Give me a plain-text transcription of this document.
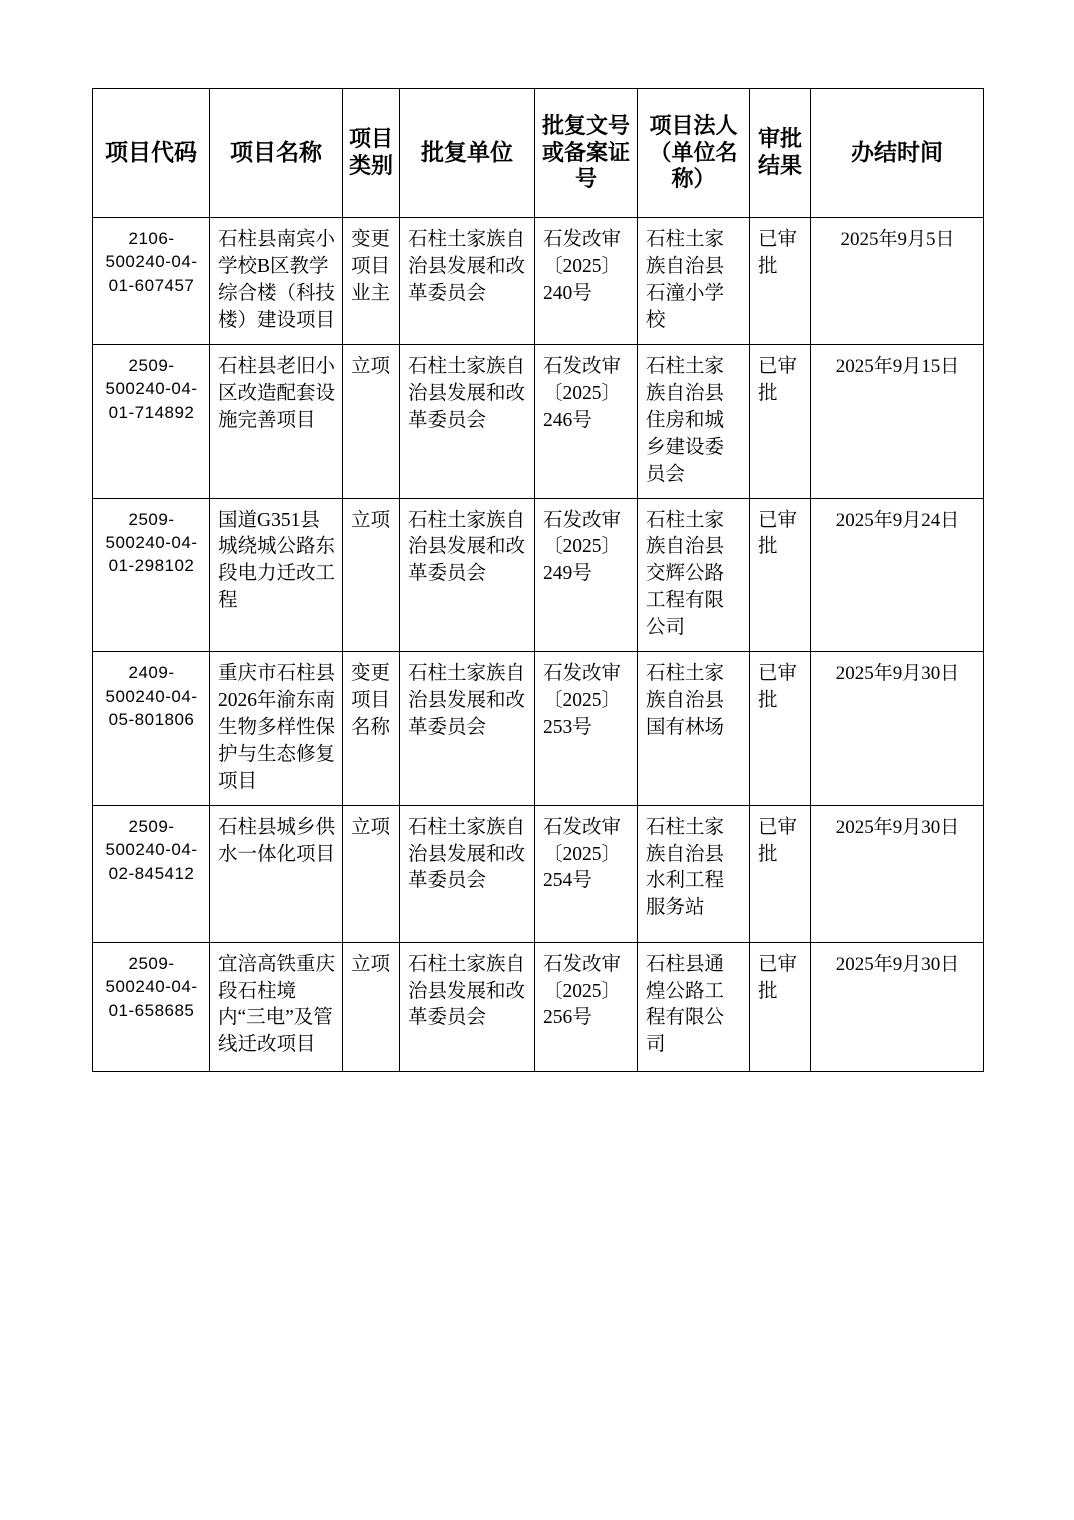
项目代码	项目名称	项目类别	批复单位	批复文号或备案证号	项目法人（单位名称）	审批结果	办结时间
2106-500240-04-01-607457	石柱县南宾小学校B区教学综合楼（科技楼）建设项目	变更项目业主	石柱土家族自治县发展和改革委员会	石发改审〔2025〕240号	石柱土家族自治县石潼小学校	已审批	2025年9月5日
2509-500240-04-01-714892	石柱县老旧小区改造配套设施完善项目	立项	石柱土家族自治县发展和改革委员会	石发改审〔2025〕246号	石柱土家族自治县住房和城乡建设委员会	已审批	2025年9月15日
2509-500240-04-01-298102	国道G351县城绕城公路东段电力迁改工程	立项	石柱土家族自治县发展和改革委员会	石发改审〔2025〕249号	石柱土家族自治县交辉公路工程有限公司	已审批	2025年9月24日
2409-500240-04-05-801806	重庆市石柱县2026年渝东南生物多样性保护与生态修复项目	变更项目名称	石柱土家族自治县发展和改革委员会	石发改审〔2025〕253号	石柱土家族自治县国有林场	已审批	2025年9月30日
2509-500240-04-02-845412	石柱县城乡供水一体化项目	立项	石柱土家族自治县发展和改革委员会	石发改审〔2025〕254号	石柱土家族自治县水利工程服务站	已审批	2025年9月30日
2509-500240-04-01-658685	宜涪高铁重庆段石柱境内“三电”及管线迁改项目	立项	石柱土家族自治县发展和改革委员会	石发改审〔2025〕256号	石柱县通煌公路工程有限公司	已审批	2025年9月30日
